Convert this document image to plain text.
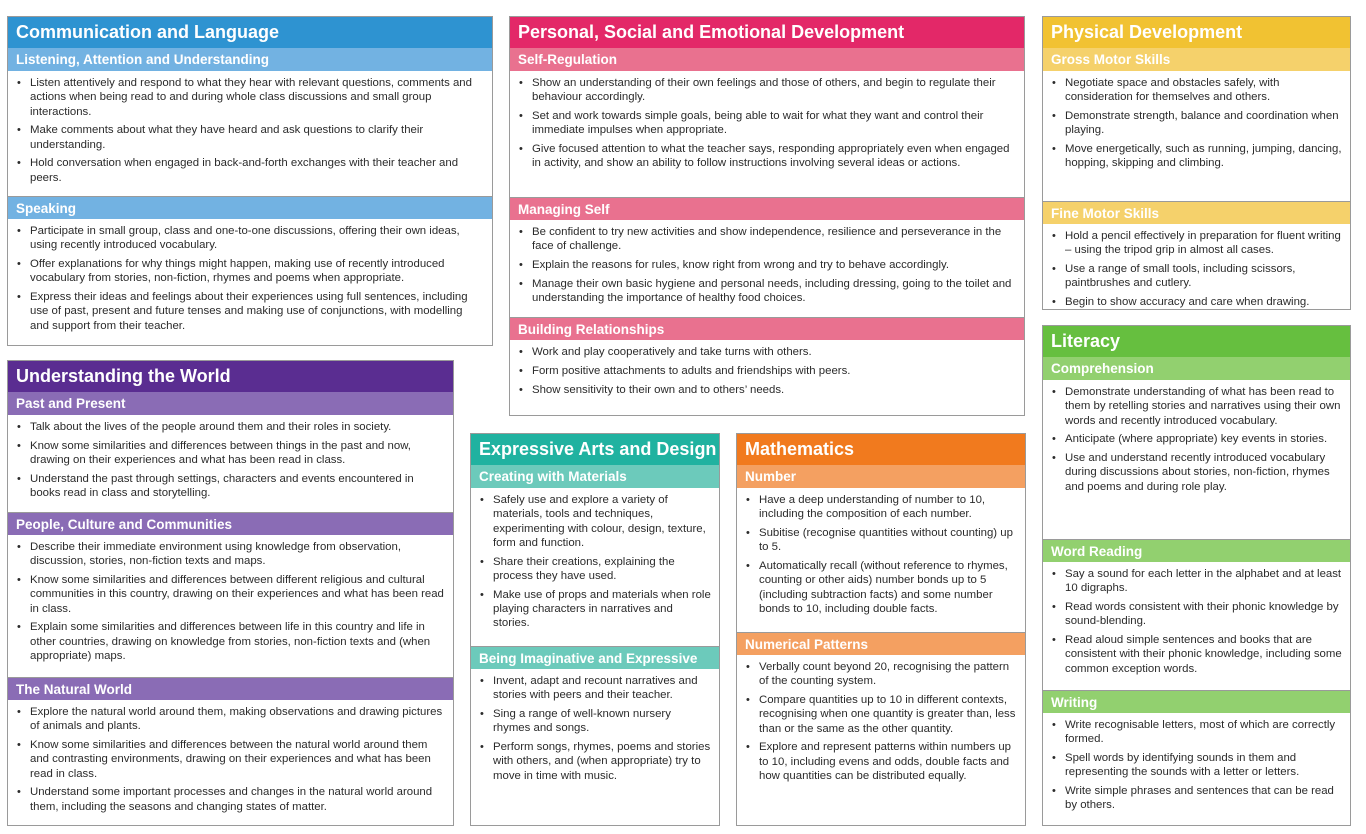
Communication and Language
Listening, Attention and Understanding
• Listen attentively and respond to what they hear with relevant questions, comments and actions when being read to and during whole class discussions and small group interactions.
• Make comments about what they have heard and ask questions to clarify their understanding.
• Hold conversation when engaged in back-and-forth exchanges with their teacher and peers.
Speaking
• Participate in small group, class and one-to-one discussions, offering their own ideas, using recently introduced vocabulary.
• Offer explanations for why things might happen, making use of recently introduced vocabulary from stories, non-fiction, rhymes and poems when appropriate.
• Express their ideas and feelings about their experiences using full sentences, including use of past, present and future tenses and making use of conjunctions, with modelling and support from their teacher.
Personal, Social and Emotional Development
Self-Regulation
• Show an understanding of their own feelings and those of others, and begin to regulate their behaviour accordingly.
• Set and work towards simple goals, being able to wait for what they want and control their immediate impulses when appropriate.
• Give focused attention to what the teacher says, responding appropriately even when engaged in activity, and show an ability to follow instructions involving several ideas or actions.
Managing Self
• Be confident to try new activities and show independence, resilience and perseverance in the face of challenge.
• Explain the reasons for rules, know right from wrong and try to behave accordingly.
• Manage their own basic hygiene and personal needs, including dressing, going to the toilet and understanding the importance of healthy food choices.
Building Relationships
• Work and play cooperatively and take turns with others.
• Form positive attachments to adults and friendships with peers.
• Show sensitivity to their own and to others’ needs.
Physical Development
Gross Motor Skills
• Negotiate space and obstacles safely, with consideration for themselves and others.
• Demonstrate strength, balance and coordination when playing.
• Move energetically, such as running, jumping, dancing, hopping, skipping and climbing.
Fine Motor Skills
• Hold a pencil effectively in preparation for fluent writing – using the tripod grip in almost all cases.
• Use a range of small tools, including scissors, paintbrushes and cutlery.
• Begin to show accuracy and care when drawing.
Understanding the World
Past and Present
• Talk about the lives of the people around them and their roles in society.
• Know some similarities and differences between things in the past and now, drawing on their experiences and what has been read in class.
• Understand the past through settings, characters and events encountered in books read in class and storytelling.
People, Culture and Communities
• Describe their immediate environment using knowledge from observation, discussion, stories, non-fiction texts and maps.
• Know some similarities and differences between different religious and cultural communities in this country, drawing on their experiences and what has been read in class.
• Explain some similarities and differences between life in this country and life in other countries, drawing on knowledge from stories, non-fiction texts and (when appropriate) maps.
The Natural World
• Explore the natural world around them, making observations and drawing pictures of animals and plants.
• Know some similarities and differences between the natural world around them and contrasting environments, drawing on their experiences and what has been read in class.
• Understand some important processes and changes in the natural world around them, including the seasons and changing states of matter.
Expressive Arts and Design
Creating with Materials
• Safely use and explore a variety of materials, tools and techniques, experimenting with colour, design, texture, form and function.
• Share their creations, explaining the process they have used.
• Make use of props and materials when role playing characters in narratives and stories.
Being Imaginative and Expressive
• Invent, adapt and recount narratives and stories with peers and their teacher.
• Sing a range of well-known nursery rhymes and songs.
• Perform songs, rhymes, poems and stories with others, and (when appropriate) try to move in time with music.
Mathematics
Number
• Have a deep understanding of number to 10, including the composition of each number.
• Subitise (recognise quantities without counting) up to 5.
• Automatically recall (without reference to rhymes, counting or other aids) number bonds up to 5 (including subtraction facts) and some number bonds to 10, including double facts.
Numerical Patterns
• Verbally count beyond 20, recognising the pattern of the counting system.
• Compare quantities up to 10 in different contexts, recognising when one quantity is greater than, less than or the same as the other quantity.
• Explore and represent patterns within numbers up to 10, including evens and odds, double facts and how quantities can be distributed equally.
Literacy
Comprehension
• Demonstrate understanding of what has been read to them by retelling stories and narratives using their own words and recently introduced vocabulary.
• Anticipate (where appropriate) key events in stories.
• Use and understand recently introduced vocabulary during discussions about stories, non-fiction, rhymes and poems and during role play.
Word Reading
• Say a sound for each letter in the alphabet and at least 10 digraphs.
• Read words consistent with their phonic knowledge by sound-blending.
• Read aloud simple sentences and books that are consistent with their phonic knowledge, including some common exception words.
Writing
• Write recognisable letters, most of which are correctly formed.
• Spell words by identifying sounds in them and representing the sounds with a letter or letters.
• Write simple phrases and sentences that can be read by others.
